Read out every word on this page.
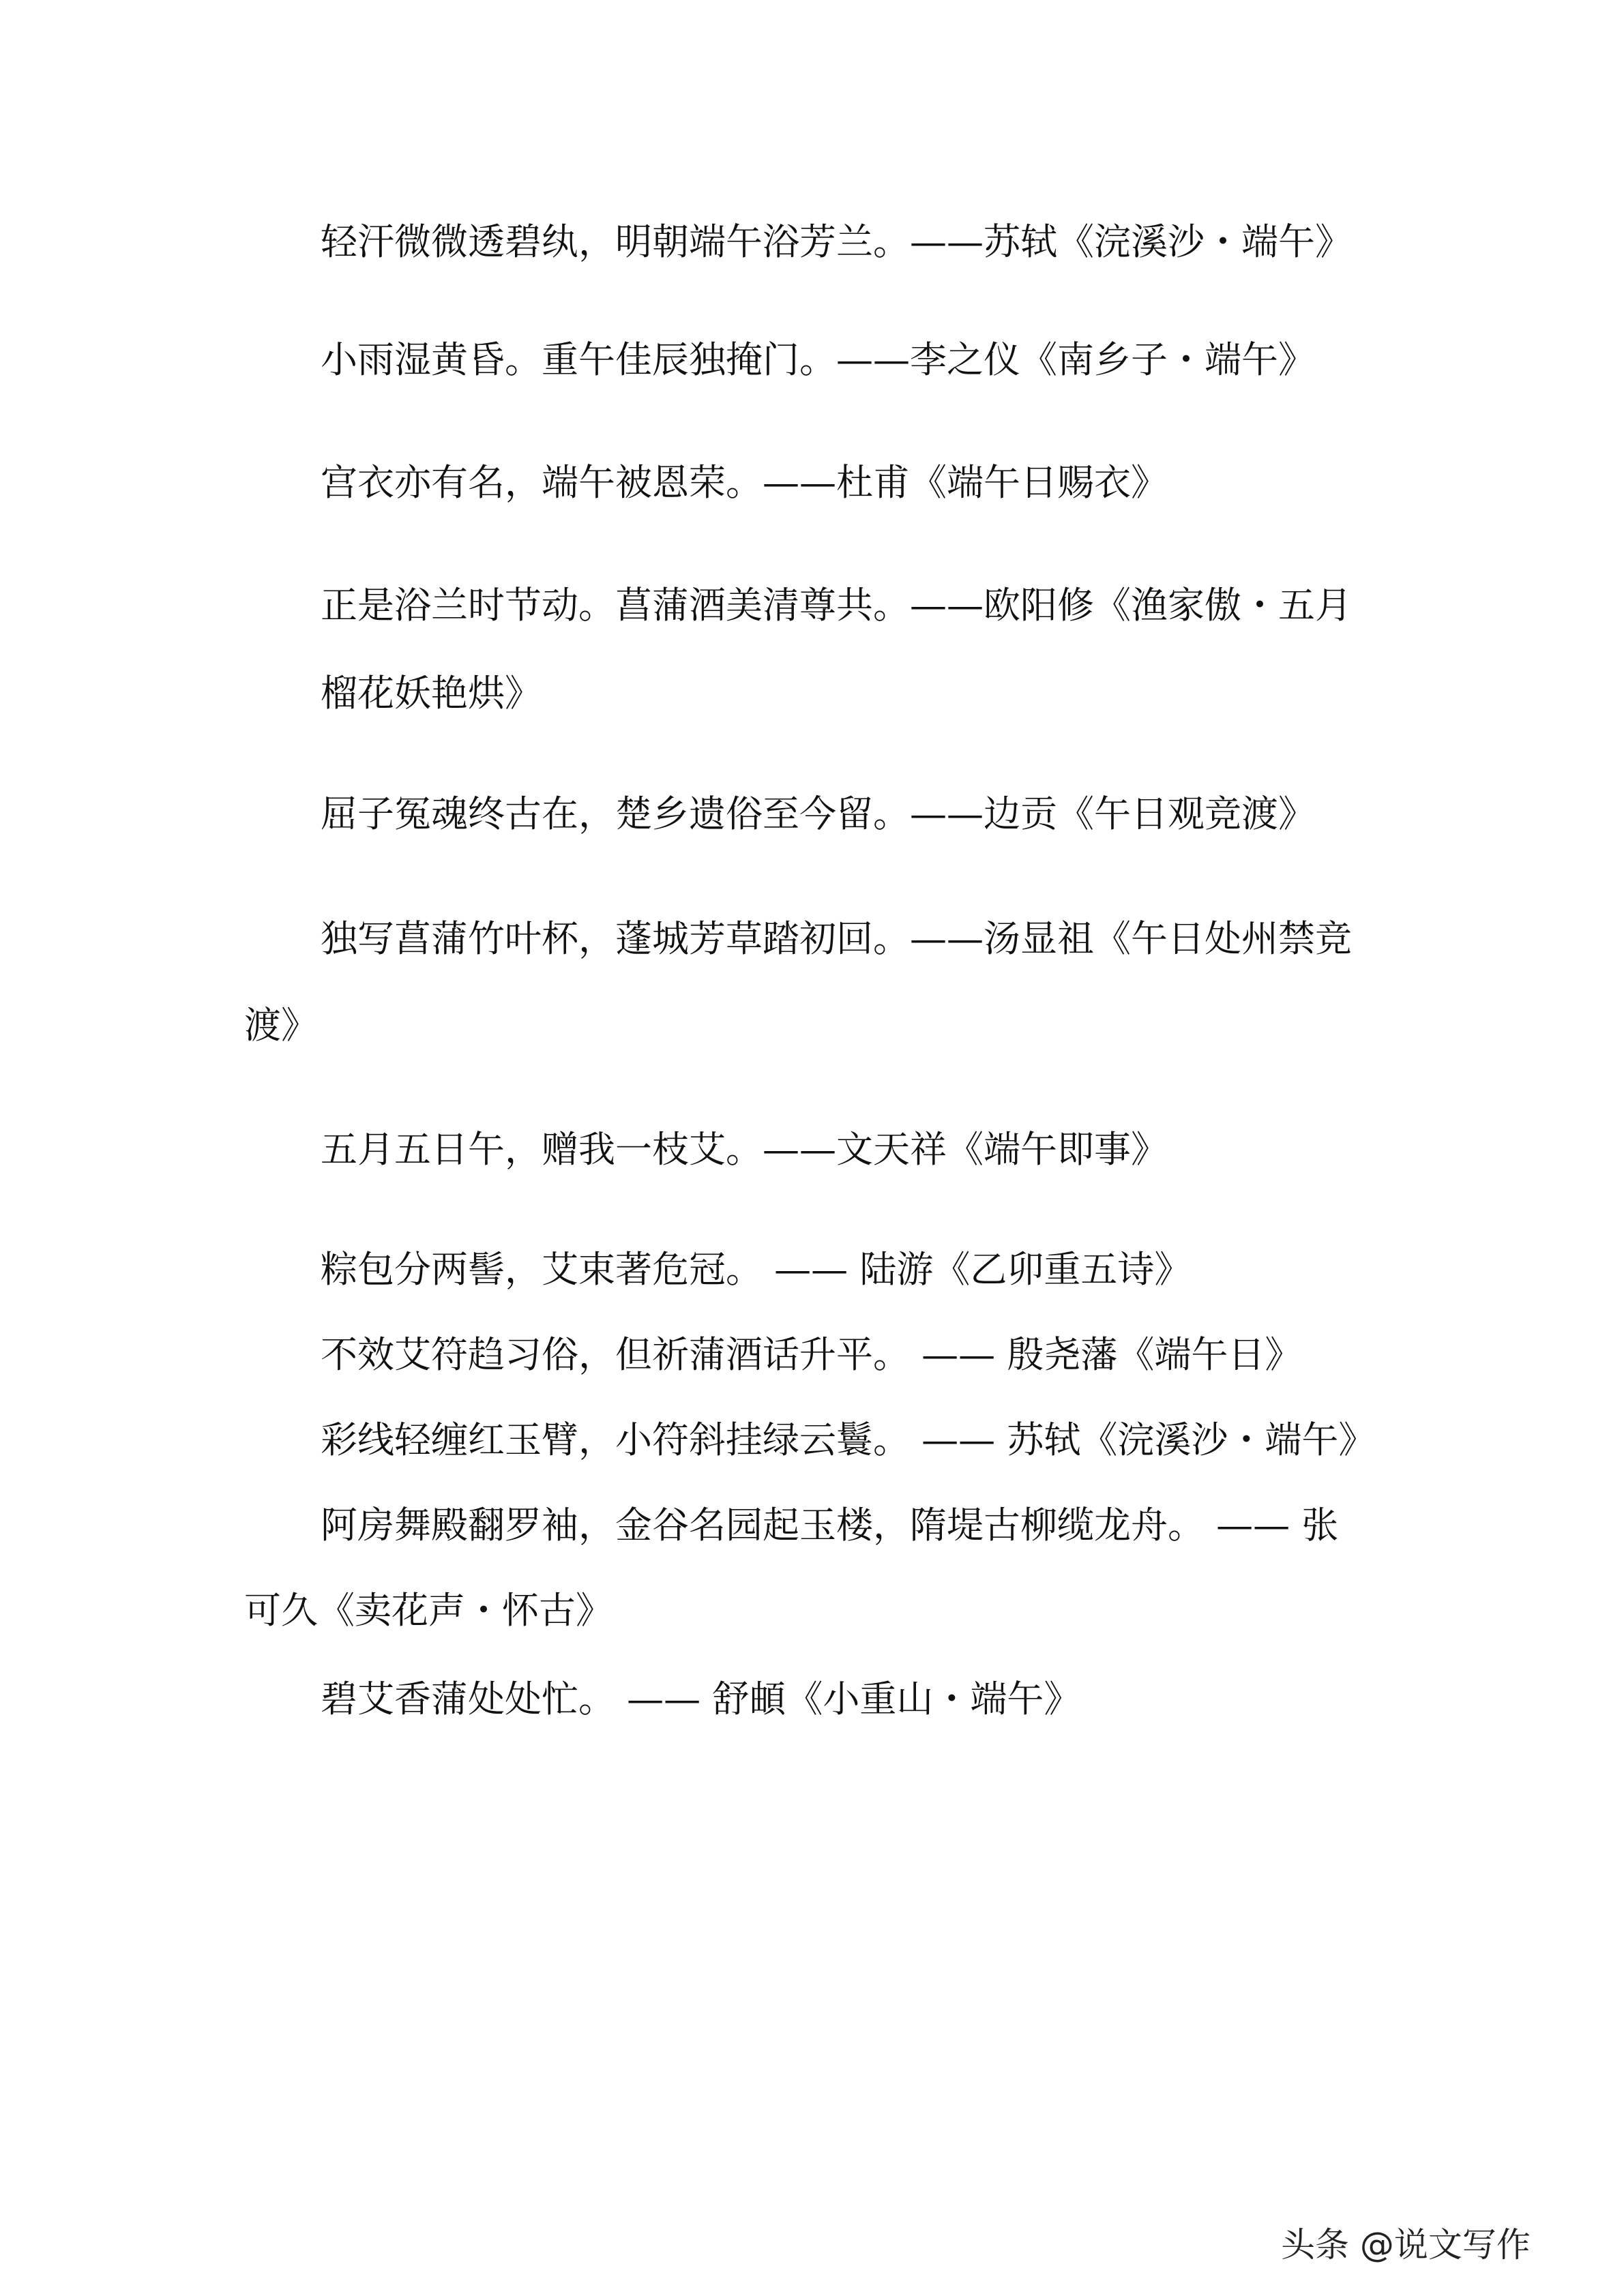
轻汗微微透碧纨，明朝端午浴芳兰。——苏轼《浣溪沙・端午》

小雨湿黄昏。重午佳辰独掩门。——李之仪《南乡子・端午》

宫衣亦有名，端午被恩荣。——杜甫《端午日赐衣》

正是浴兰时节动。菖蒲酒美清尊共。——欧阳修《渔家傲・五月

榴花妖艳烘》

屈子冤魂终古在，楚乡遗俗至今留。——边贡《午日观竞渡》

独写菖蒲竹叶杯，蓬城芳草踏初回。——汤显祖《午日处州禁竞

渡》

五月五日午，赠我一枝艾。——文天祥《端午即事》

粽包分两髻，艾束著危冠。 —— 陆游《乙卯重五诗》

不效艾符趋习俗，但祈蒲酒话升平。 —— 殷尧藩《端午日》

彩线轻缠红玉臂，小符斜挂绿云鬟。 —— 苏轼《浣溪沙・端午》

阿房舞殿翻罗袖，金谷名园起玉楼，隋堤古柳缆龙舟。 —— 张

可久《卖花声・怀古》

碧艾香蒲处处忙。 —— 舒頔《小重山・端午》

头条 @说文写作
